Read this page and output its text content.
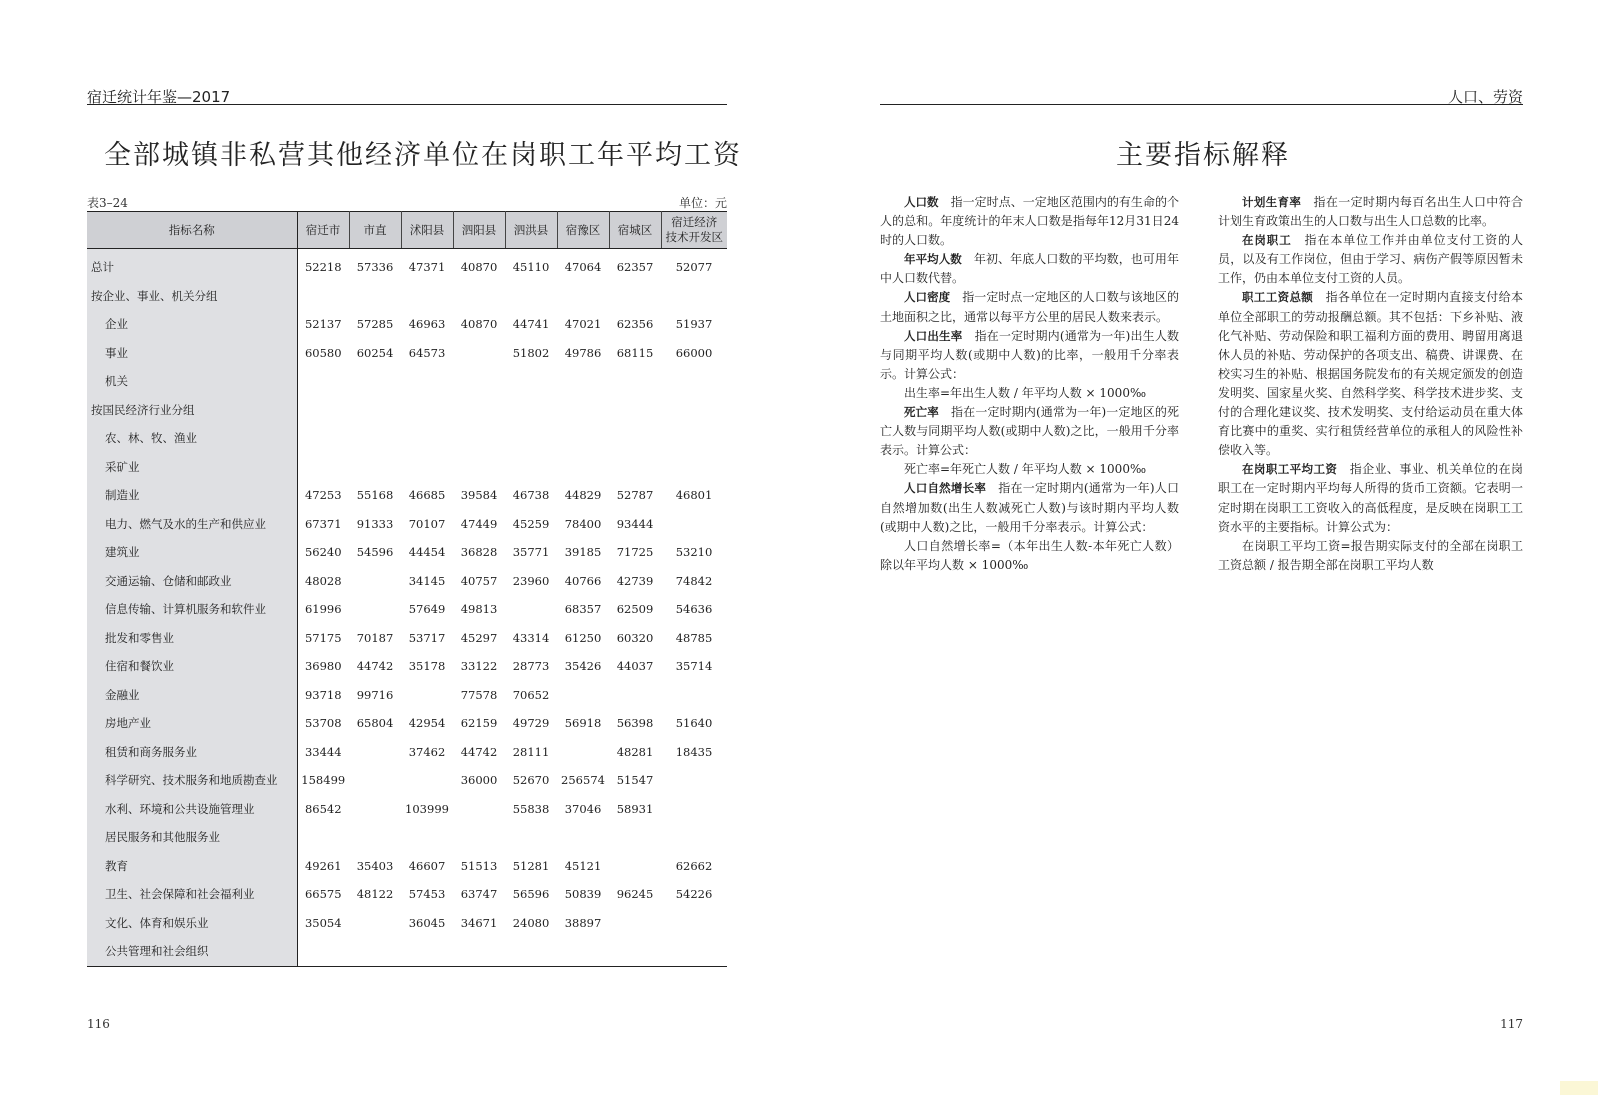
宿迁统计年鉴—2017
全部城镇非私营其他经济单位在岗职工年平均工资
表3–24	单位：元
指标名称	宿迁市	市直	沭阳县	泗阳县	泗洪县	宿豫区	宿城区	宿迁经济
技术开发区
总计	52218	57336	47371	40870	45110	47064	62357	52077
按企业、事业、机关分组								
企业	52137	57285	46963	40870	44741	47021	62356	51937
事业	60580	60254	64573		51802	49786	68115	66000
机关								
按国民经济行业分组								
农、林、牧、渔业								
采矿业								
制造业	47253	55168	46685	39584	46738	44829	52787	46801
电力、燃气及水的生产和供应业	67371	91333	70107	47449	45259	78400	93444	
建筑业	56240	54596	44454	36828	35771	39185	71725	53210
交通运输、仓储和邮政业	48028		34145	40757	23960	40766	42739	74842
信息传输、计算机服务和软件业	61996		57649	49813		68357	62509	54636
批发和零售业	57175	70187	53717	45297	43314	61250	60320	48785
住宿和餐饮业	36980	44742	35178	33122	28773	35426	44037	35714
金融业	93718	99716		77578	70652			
房地产业	53708	65804	42954	62159	49729	56918	56398	51640
租赁和商务服务业	33444		37462	44742	28111		48281	18435
科学研究、技术服务和地质勘查业	158499			36000	52670	256574	51547	
水利、环境和公共设施管理业	86542		103999		55838	37046	58931	
居民服务和其他服务业								
教育	49261	35403	46607	51513	51281	45121		62662
卫生、社会保障和社会福利业	66575	48122	57453	63747	56596	50839	96245	54226
文化、体育和娱乐业	35054		36045	34671	24080	38897		
公共管理和社会组织								
116
人口、劳资
主要指标解释

人口数　 指一定时点、一定地区范围内的有生命的个人的总和。年度统计的年末人口数是指每年12月31日24时的人口数。

年平均人数　 年初、年底人口数的平均数，也可用年中人口数代替。

人口密度　 指一定时点一定地区的人口数与该地区的土地面积之比，通常以每平方公里的居民人数来表示。

人口出生率　 指在一定时期内(通常为一年)出生人数与同期平均人数(或期中人数)的比率，一般用千分率表示。计算公式：

出生率=年出生人数 / 年平均人数 × 1000‰

死亡率　 指在一定时期内(通常为一年)一定地区的死亡人数与同期平均人数(或期中人数)之比，一般用千分率表示。计算公式：

死亡率=年死亡人数 / 年平均人数 × 1000‰

人口自然增长率　 指在一定时期内(通常为一年)人口自然增加数(出生人数减死亡人数)与该时期内平均人数(或期中人数)之比，一般用千分率表示。计算公式：

人口自然增长率=（本年出生人数-本年死亡人数）除以年平均人数 × 1000‰

计划生育率　 指在一定时期内每百名出生人口中符合计划生育政策出生的人口数与出生人口总数的比率。

在岗职工　 指在本单位工作并由单位支付工资的人员，以及有工作岗位，但由于学习、病伤产假等原因暂未工作，仍由本单位支付工资的人员。

职工工资总额　 指各单位在一定时期内直接支付给本单位全部职工的劳动报酬总额。其不包括：下乡补贴、液化气补贴、劳动保险和职工福利方面的费用、聘留用离退休人员的补贴、劳动保护的各项支出、稿费、讲课费、在校实习生的补贴、根据国务院发布的有关规定颁发的创造发明奖、国家星火奖、自然科学奖、科学技术进步奖、支付的合理化建议奖、技术发明奖、支付给运动员在重大体育比赛中的重奖、实行租赁经营单位的承租人的风险性补偿收入等。

在岗职工平均工资　 指企业、事业、机关单位的在岗职工在一定时期内平均每人所得的货币工资额。它表明一定时期在岗职工工资收入的高低程度，是反映在岗职工工资水平的主要指标。计算公式为：

在岗职工平均工资=报告期实际支付的全部在岗职工工资总额 / 报告期全部在岗职工平均人数

117
